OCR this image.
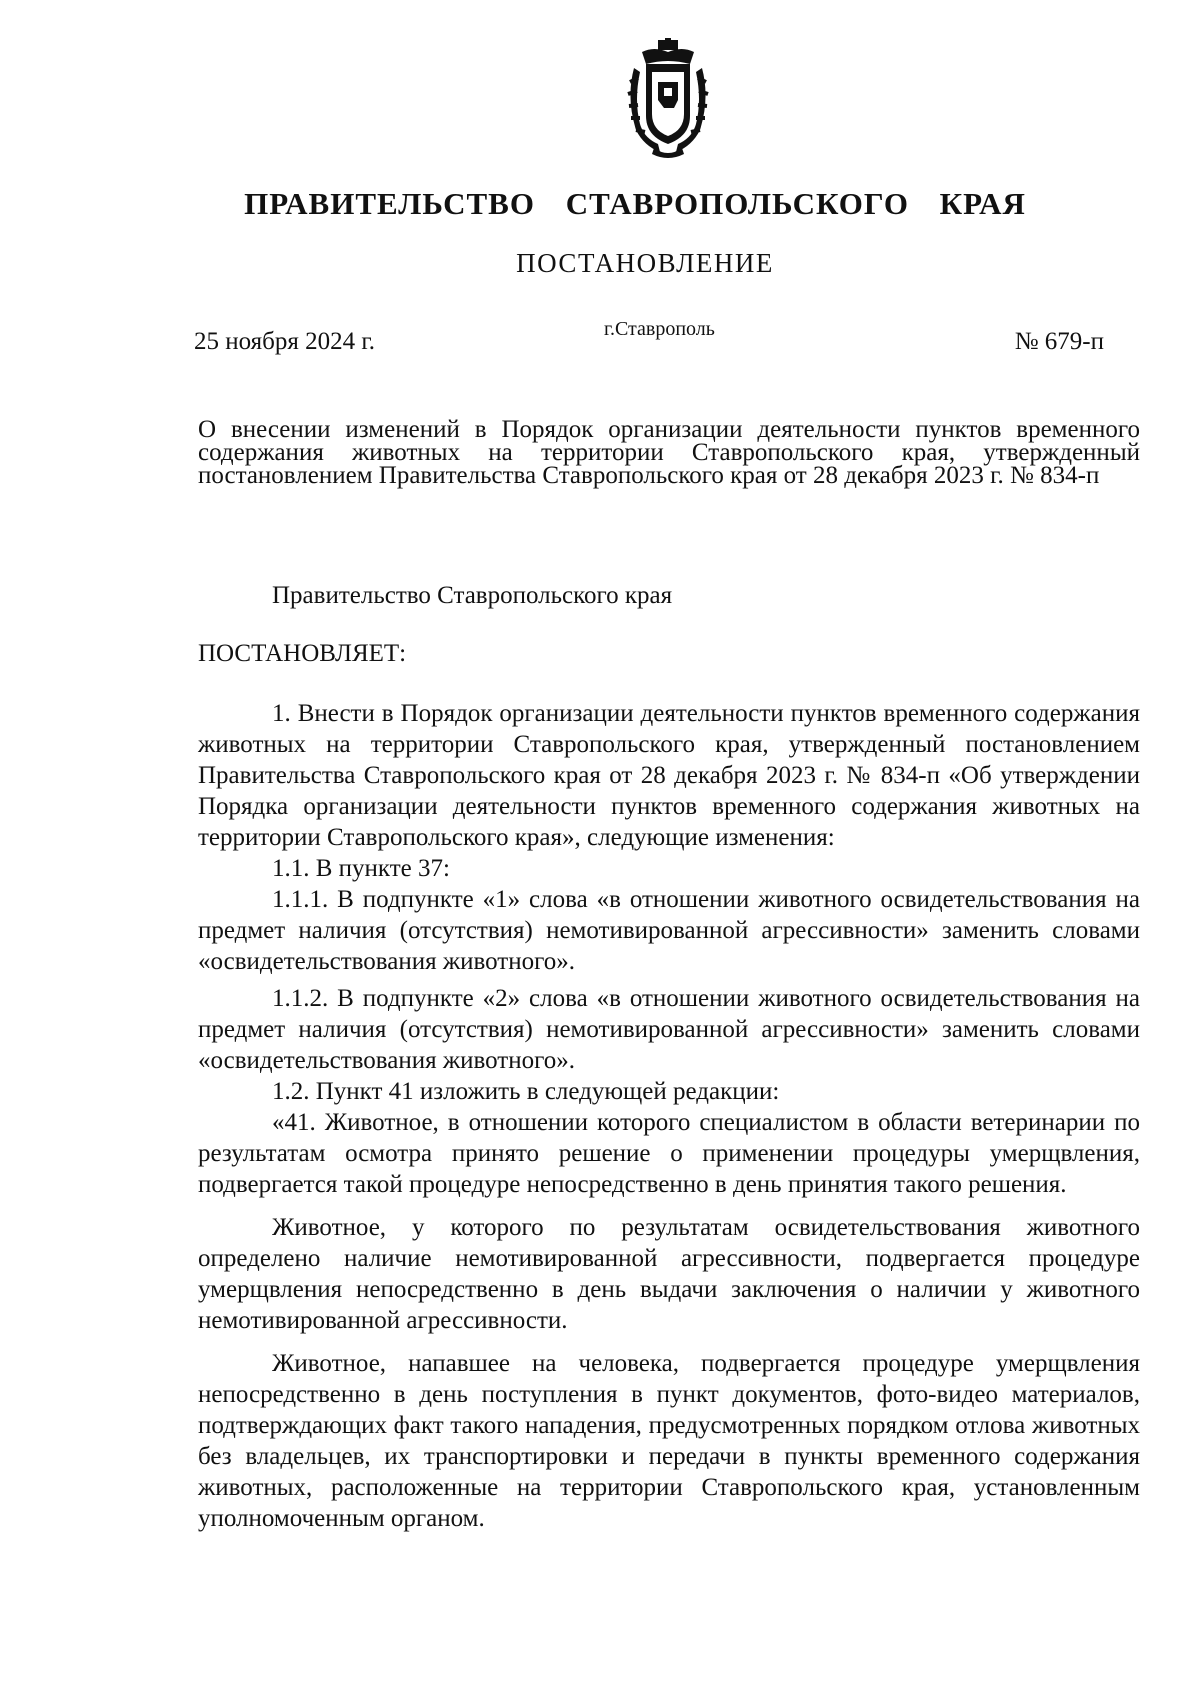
ПРАВИТЕЛЬСТВО СТАВРОПОЛЬСКОГО КРАЯ
ПОСТАНОВЛЕНИЕ
25 ноября 2024 г.	г.Ставрополь	№ 679-п
О внесении изменений в Порядок организации деятельности пунктов временного содержания животных на территории Ставропольского края, утвержденный постановлением Правительства Ставропольского края от 28 декабря 2023 г. № 834-п
Правительство Ставропольского края
ПОСТАНОВЛЯЕТ:

1. Внести в Порядок организации деятельности пунктов временного содержания животных на территории Ставропольского края, утвержденный постановлением Правительства Ставропольского края от 28 декабря 2023 г. № 834-п «Об утверждении Порядка организации деятельности пунктов временного содержания животных на территории Ставропольского края», следующие изменения:

1.1. В пункте 37:

1.1.1. В подпункте «1» слова «в отношении животного освидетельствования на предмет наличия (отсутствия) немотивированной агрессивности» заменить словами «освидетельствования животного».

1.1.2. В подпункте «2» слова «в отношении животного освидетельствования на предмет наличия (отсутствия) немотивированной агрессивности» заменить словами «освидетельствования животного».

1.2. Пункт 41 изложить в следующей редакции:

«41. Животное, в отношении которого специалистом в области ветеринарии по результатам осмотра принято решение о применении процедуры умерщвления, подвергается такой процедуре непосредственно в день принятия такого решения.

Животное, у которого по результатам освидетельствования животного определено наличие немотивированной агрессивности, подвергается процедуре умерщвления непосредственно в день выдачи заключения о наличии у животного немотивированной агрессивности.

Животное, напавшее на человека, подвергается процедуре умерщвления непосредственно в день поступления в пункт документов, фото-видео материалов, подтверждающих факт такого нападения, предусмотренных порядком отлова животных без владельцев, их транспортировки и передачи в пункты временного содержания животных, расположенные на территории Ставропольского края, установленным уполномоченным органом.
